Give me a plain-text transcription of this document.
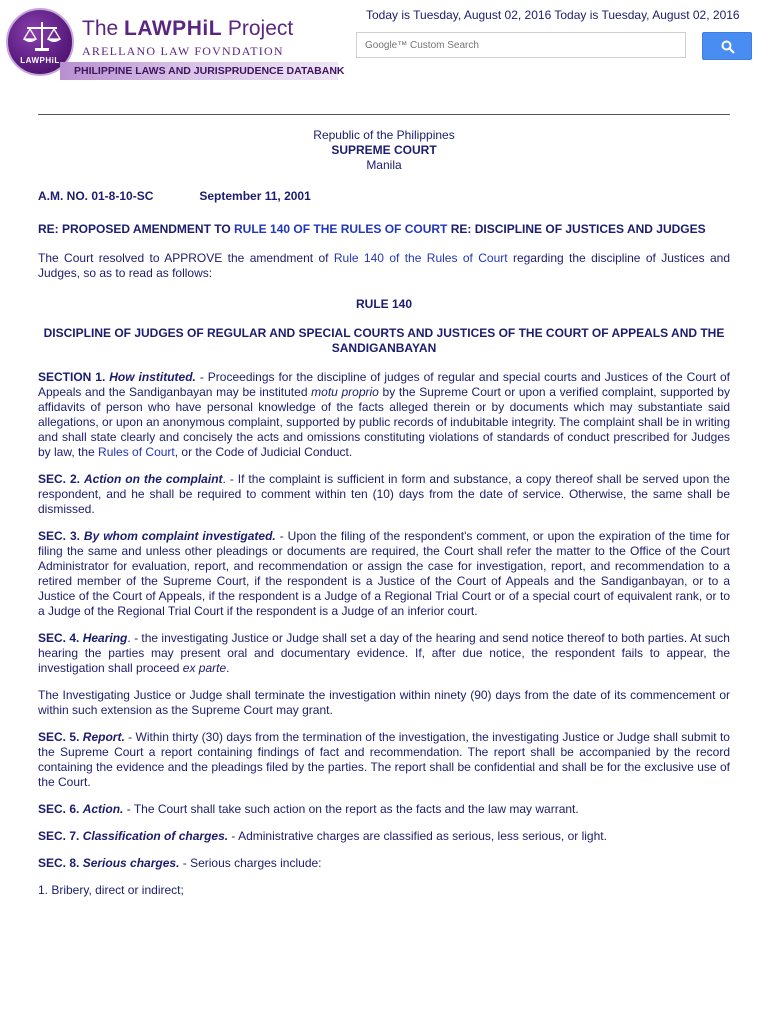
LAWPHiL
The LAWPHiL Project
ARELLANO LAW FOVNDATION
PHILIPPINE LAWS AND JURISPRUDENCE DATABANK
Today is Tuesday, August 02, 2016 Today is Tuesday, August 02, 2016
Google™ Custom Search
Republic of the Philippines
SUPREME COURT
Manila
A.M. NO. 01-8-10-SC	September 11, 2001
RE: PROPOSED AMENDMENT TO RULE 140 OF THE RULES OF COURT RE: DISCIPLINE OF JUSTICES AND JUDGES

The Court resolved to APPROVE the amendment of Rule 140 of the Rules of Court regarding the discipline of Justices and Judges, so as to read as follows:

RULE 140
DISCIPLINE OF JUDGES OF REGULAR AND SPECIAL COURTS AND JUSTICES OF THE COURT OF APPEALS AND THE SANDIGANBAYAN

SECTION 1. How instituted. - Proceedings for the discipline of judges of regular and special courts and Justices of the Court of Appeals and the Sandiganbayan may be instituted motu proprio by the Supreme Court or upon a verified complaint, supported by affidavits of person who have personal knowledge of the facts alleged therein or by documents which may substantiate said allegations, or upon an anonymous complaint, supported by public records of indubitable integrity. The complaint shall be in writing and shall state clearly and concisely the acts and omissions constituting violations of standards of conduct prescribed for Judges by law, the Rules of Court, or the Code of Judicial Conduct.

SEC. 2. Action on the complaint. - If the complaint is sufficient in form and substance, a copy thereof shall be served upon the respondent, and he shall be required to comment within ten (10) days from the date of service. Otherwise, the same shall be dismissed.

SEC. 3. By whom complaint investigated. - Upon the filing of the respondent's comment, or upon the expiration of the time for filing the same and unless other pleadings or documents are required, the Court shall refer the matter to the Office of the Court Administrator for evaluation, report, and recommendation or assign the case for investigation, report, and recommendation to a retired member of the Supreme Court, if the respondent is a Justice of the Court of Appeals and the Sandiganbayan, or to a Justice of the Court of Appeals, if the respondent is a Judge of a Regional Trial Court or of a special court of equivalent rank, or to a Judge of the Regional Trial Court if the respondent is a Judge of an inferior court.

SEC. 4. Hearing. - the investigating Justice or Judge shall set a day of the hearing and send notice thereof to both parties. At such hearing the parties may present oral and documentary evidence. If, after due notice, the respondent fails to appear, the investigation shall proceed ex parte.

The Investigating Justice or Judge shall terminate the investigation within ninety (90) days from the date of its commencement or within such extension as the Supreme Court may grant.

SEC. 5. Report. - Within thirty (30) days from the termination of the investigation, the investigating Justice or Judge shall submit to the Supreme Court a report containing findings of fact and recommendation. The report shall be accompanied by the record containing the evidence and the pleadings filed by the parties. The report shall be confidential and shall be for the exclusive use of the Court.

SEC. 6. Action. - The Court shall take such action on the report as the facts and the law may warrant.

SEC. 7. Classification of charges. - Administrative charges are classified as serious, less serious, or light.

SEC. 8. Serious charges. - Serious charges include:

1. Bribery, direct or indirect;
